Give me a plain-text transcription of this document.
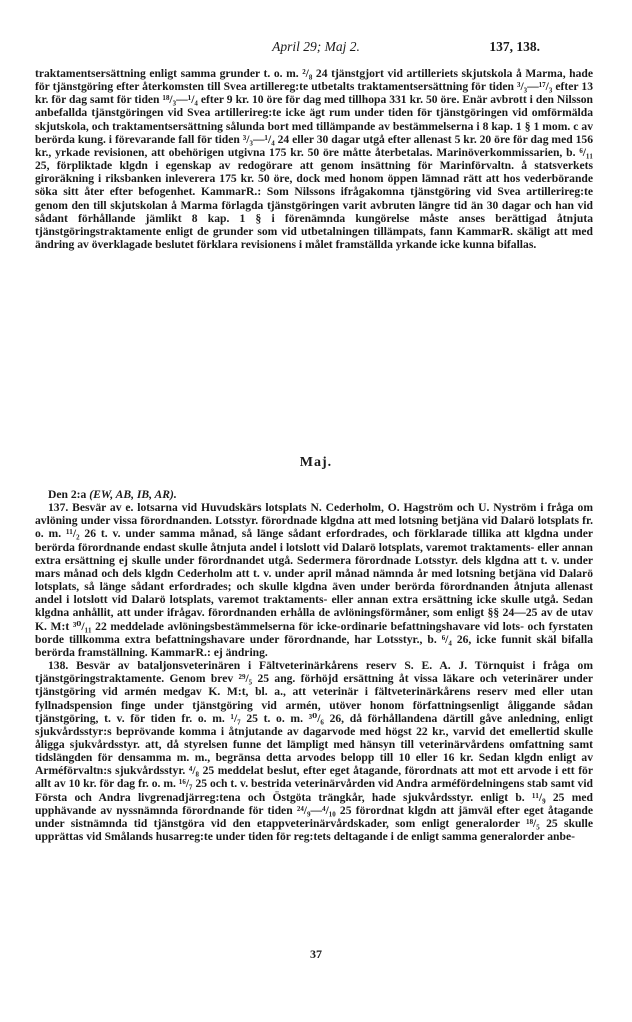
April 29; Maj 2.	137, 138.

traktamentsersättning enligt samma grunder t. o. m. ²/₈ 24 tjänstgjort vid artilleriets skjutskola å Marma, hade för tjänstgöring efter återkomsten till Svea artillereg:te utbetalts traktamentsersättning för tiden ³/₃—¹⁷/₃ efter 13 kr. för dag samt för tiden ¹⁸/₃—¹/₄ efter 9 kr. 10 öre för dag med tillhopa 331 kr. 50 öre. Enär avbrott i den Nilsson anbefallda tjänstgöringen vid Svea artillerireg:te icke ägt rum under tiden för tjänstgöringen vid omförmälda skjutskola, och traktamentsersättning sålunda bort med tillämpande av bestämmelserna i 8 kap. 1 § 1 mom. c av berörda kung. i förevarande fall för tiden ³/₃—¹/₄ 24 eller 30 dagar utgå efter allenast 5 kr. 20 öre för dag med 156 kr., yrkade revisionen, att obehörigen utgivna 175 kr. 50 öre måtte återbetalas. Marinöverkommissarien, b. ⁶/₁₁ 25, förpliktade klgdn i egenskap av redogörare att genom insättning för Marinförvaltn. å statsverkets giroräkning i riksbanken inleverera 175 kr. 50 öre, dock med honom öppen lämnad rätt att hos vederbörande söka sitt åter efter befogenhet. KammarR.: Som Nilssons ifrågakomna tjänstgöring vid Svea artillerireg:te genom den till skjutskolan å Marma förlagda tjänstgöringen varit avbruten längre tid än 30 dagar och han vid sådant förhållande jämlikt 8 kap. 1 § i förenämnda kungörelse måste anses berättigad åtnjuta tjänstgöringstraktamente enligt de grunder som vid utbetalningen tillämpats, fann KammarR. skäligt att med ändring av överklagade beslutet förklara revisionens i målet framställda yrkande icke kunna bifallas.

Maj.

Den 2:a (EW, AB, IB, AR).

137. Besvär av e. lotsarna vid Huvudskärs lotsplats N. Cederholm, O. Hagström och U. Nyström i fråga om avlöning under vissa förordnanden. Lotsstyr. förordnade klgdna att med lotsning betjäna vid Dalarö lotsplats fr. o. m. ¹¹/₂ 26 t. v. under samma månad, så länge sådant erfordrades, och förklarade tillika att klgdna under berörda förordnande endast skulle åtnjuta andel i lotslott vid Dalarö lotsplats, varemot traktaments- eller annan extra ersättning ej skulle under förordnandet utgå. Sedermera förordnade Lotsstyr. dels klgdna att t. v. under mars månad och dels klgdn Cederholm att t. v. under april månad nämnda år med lotsning betjäna vid Dalarö lotsplats, så länge sådant erfordrades; och skulle klgdna även under berörda förordnanden åtnjuta allenast andel i lotslott vid Dalarö lotsplats, varemot traktaments- eller annan extra ersättning icke skulle utgå. Sedan klgdna anhållit, att under ifrågav. förordnanden erhålla de avlöningsförmåner, som enligt §§ 24—25 av de utav K. M:t ³⁰/₁₁ 22 meddelade avlöningsbestämmelserna för icke-ordinarie befattningshavare vid lots- och fyrstaten borde tillkomma extra befattningshavare under förordnande, har Lotsstyr., b. ⁶/₄ 26, icke funnit skäl bifalla berörda framställning. KammarR.: ej ändring.

138. Besvär av bataljonsveterinären i Fältveterinärkårens reserv S. E. A. J. Törnquist i fråga om tjänstgöringstraktamente. Genom brev ²⁹/₅ 25 ang. förhöjd ersättning åt vissa läkare och veterinärer under tjänstgöring vid armén medgav K. M:t, bl. a., att veterinär i fältveterinärkårens reserv med eller utan fyllnadspension finge under tjänstgöring vid armén, utöver honom författningsenligt åliggande sådan tjänstgöring, t. v. för tiden fr. o. m. ¹/₇ 25 t. o. m. ³⁰/₆ 26, då förhållandena därtill gåve anledning, enligt sjukvårdsstyr:s beprövande komma i åtnjutande av dagarvode med högst 22 kr., varvid det emellertid skulle åligga sjukvårdsstyr. att, då styrelsen funne det lämpligt med hänsyn till veterinärvårdens omfattning samt tidslängden för densamma m. m., begränsa detta arvodes belopp till 10 eller 16 kr. Sedan klgdn enligt av Arméförvaltn:s sjukvårdsstyr. ⁴/₈ 25 meddelat beslut, efter eget åtagande, förordnats att mot ett arvode i ett för allt av 10 kr. för dag fr. o. m. ¹⁶/₇ 25 och t. v. bestrida veterinärvården vid Andra arméfördelningens stab samt vid Första och Andra livgrenadjärreg:tena och Östgöta trängkår, hade sjukvårdsstyr. enligt b. ¹¹/₉ 25 med upphävande av nyssnämnda förordnande för tiden ²⁴/₉—⁴/₁₀ 25 förordnat klgdn att jämväl efter eget åtagande under sistnämnda tid tjänstgöra vid den etappveterinärvårdskader, som enligt generalorder ¹⁸/₅ 25 skulle upprättas vid Smålands husarreg:te under tiden för reg:tets deltagande i de enligt samma generalorder anbe-

37
